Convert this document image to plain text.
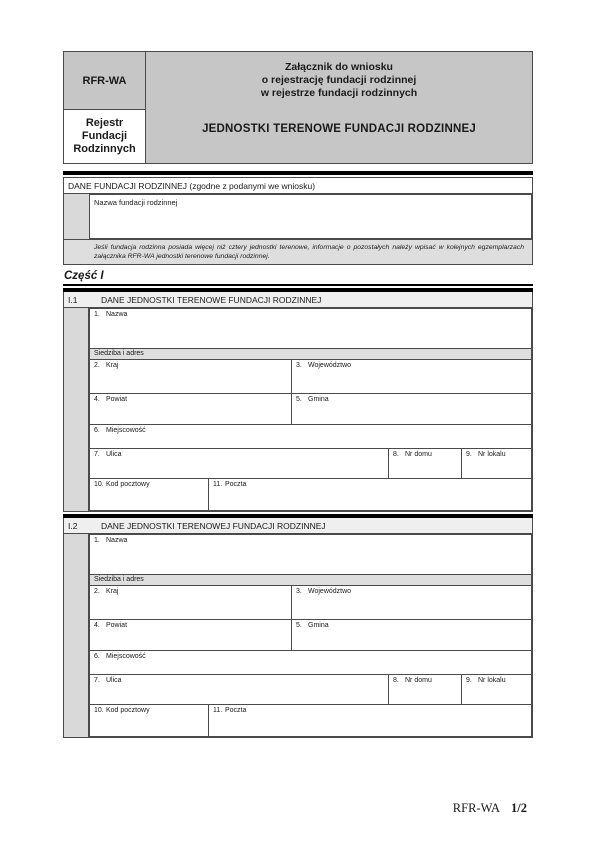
RFR-WA
Rejestr
Fundacji
Rodzinnych
Załącznik do wniosku
o rejestrację fundacji rodzinnej
w rejestrze fundacji rodzinnych
JEDNOSTKI TERENOWE FUNDACJI RODZINNEJ
DANE FUNDACJI RODZINNEJ (zgodne z podanymi we wniosku)
Nazwa fundacji rodzinnej
Jeśli fundacja rodzinna posiada więcej niż cztery jednostki terenowe, informacje o pozostałych należy wpisać w kolejnych egzemplarzach załącznika RFR-WA jednostki terenowe fundacji rodzinnej.
Część I
I.1	DANE JEDNOSTKI TERENOWE FUNDACJI RODZINNEJ
1. Nazwa
Siedziba i adres
2. Kraj	3. Województwo
4. Powiat	5. Gmina
6. Miejscowość
7. Ulica	8. Nr domu	9. Nr lokalu
10. Kod pocztowy	11. Poczta
I.2	DANE JEDNOSTKI TERENOWEJ FUNDACJI RODZINNEJ
1. Nazwa
Siedziba i adres
2. Kraj	3. Województwo
4. Powiat	5. Gmina
6. Miejscowość
7. Ulica	8. Nr domu	9. Nr lokalu
10. Kod pocztowy	11. Poczta
RFR-WA 1/2
